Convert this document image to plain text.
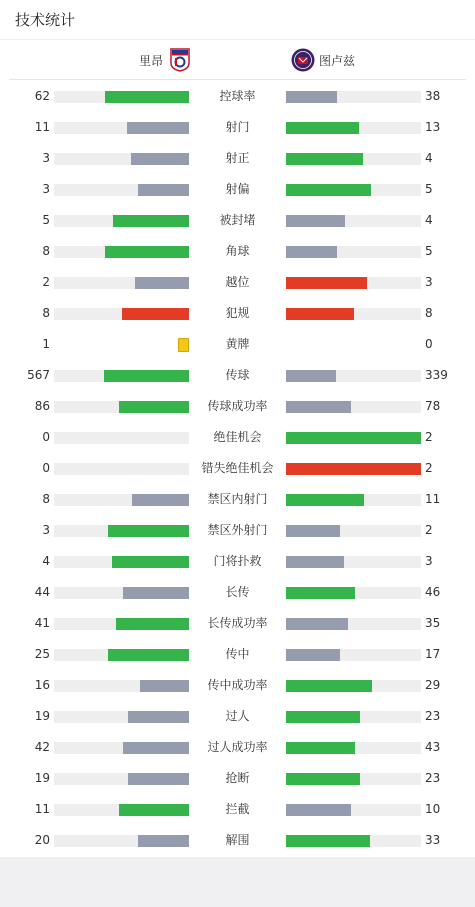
技术统计
里昂	图卢兹
62	控球率	38
11	射门	13
3	射正	4
3	射偏	5
5	被封堵	4
8	角球	5
2	越位	3
8	犯规	8
1	黄牌	0
567	传球	339
86	传球成功率	78
0	绝佳机会	2
0	错失绝佳机会	2
8	禁区内射门	11
3	禁区外射门	2
4	门将扑救	3
44	长传	46
41	长传成功率	35
25	传中	17
16	传中成功率	29
19	过人	23
42	过人成功率	43
19	抢断	23
11	拦截	10
20	解围	33
